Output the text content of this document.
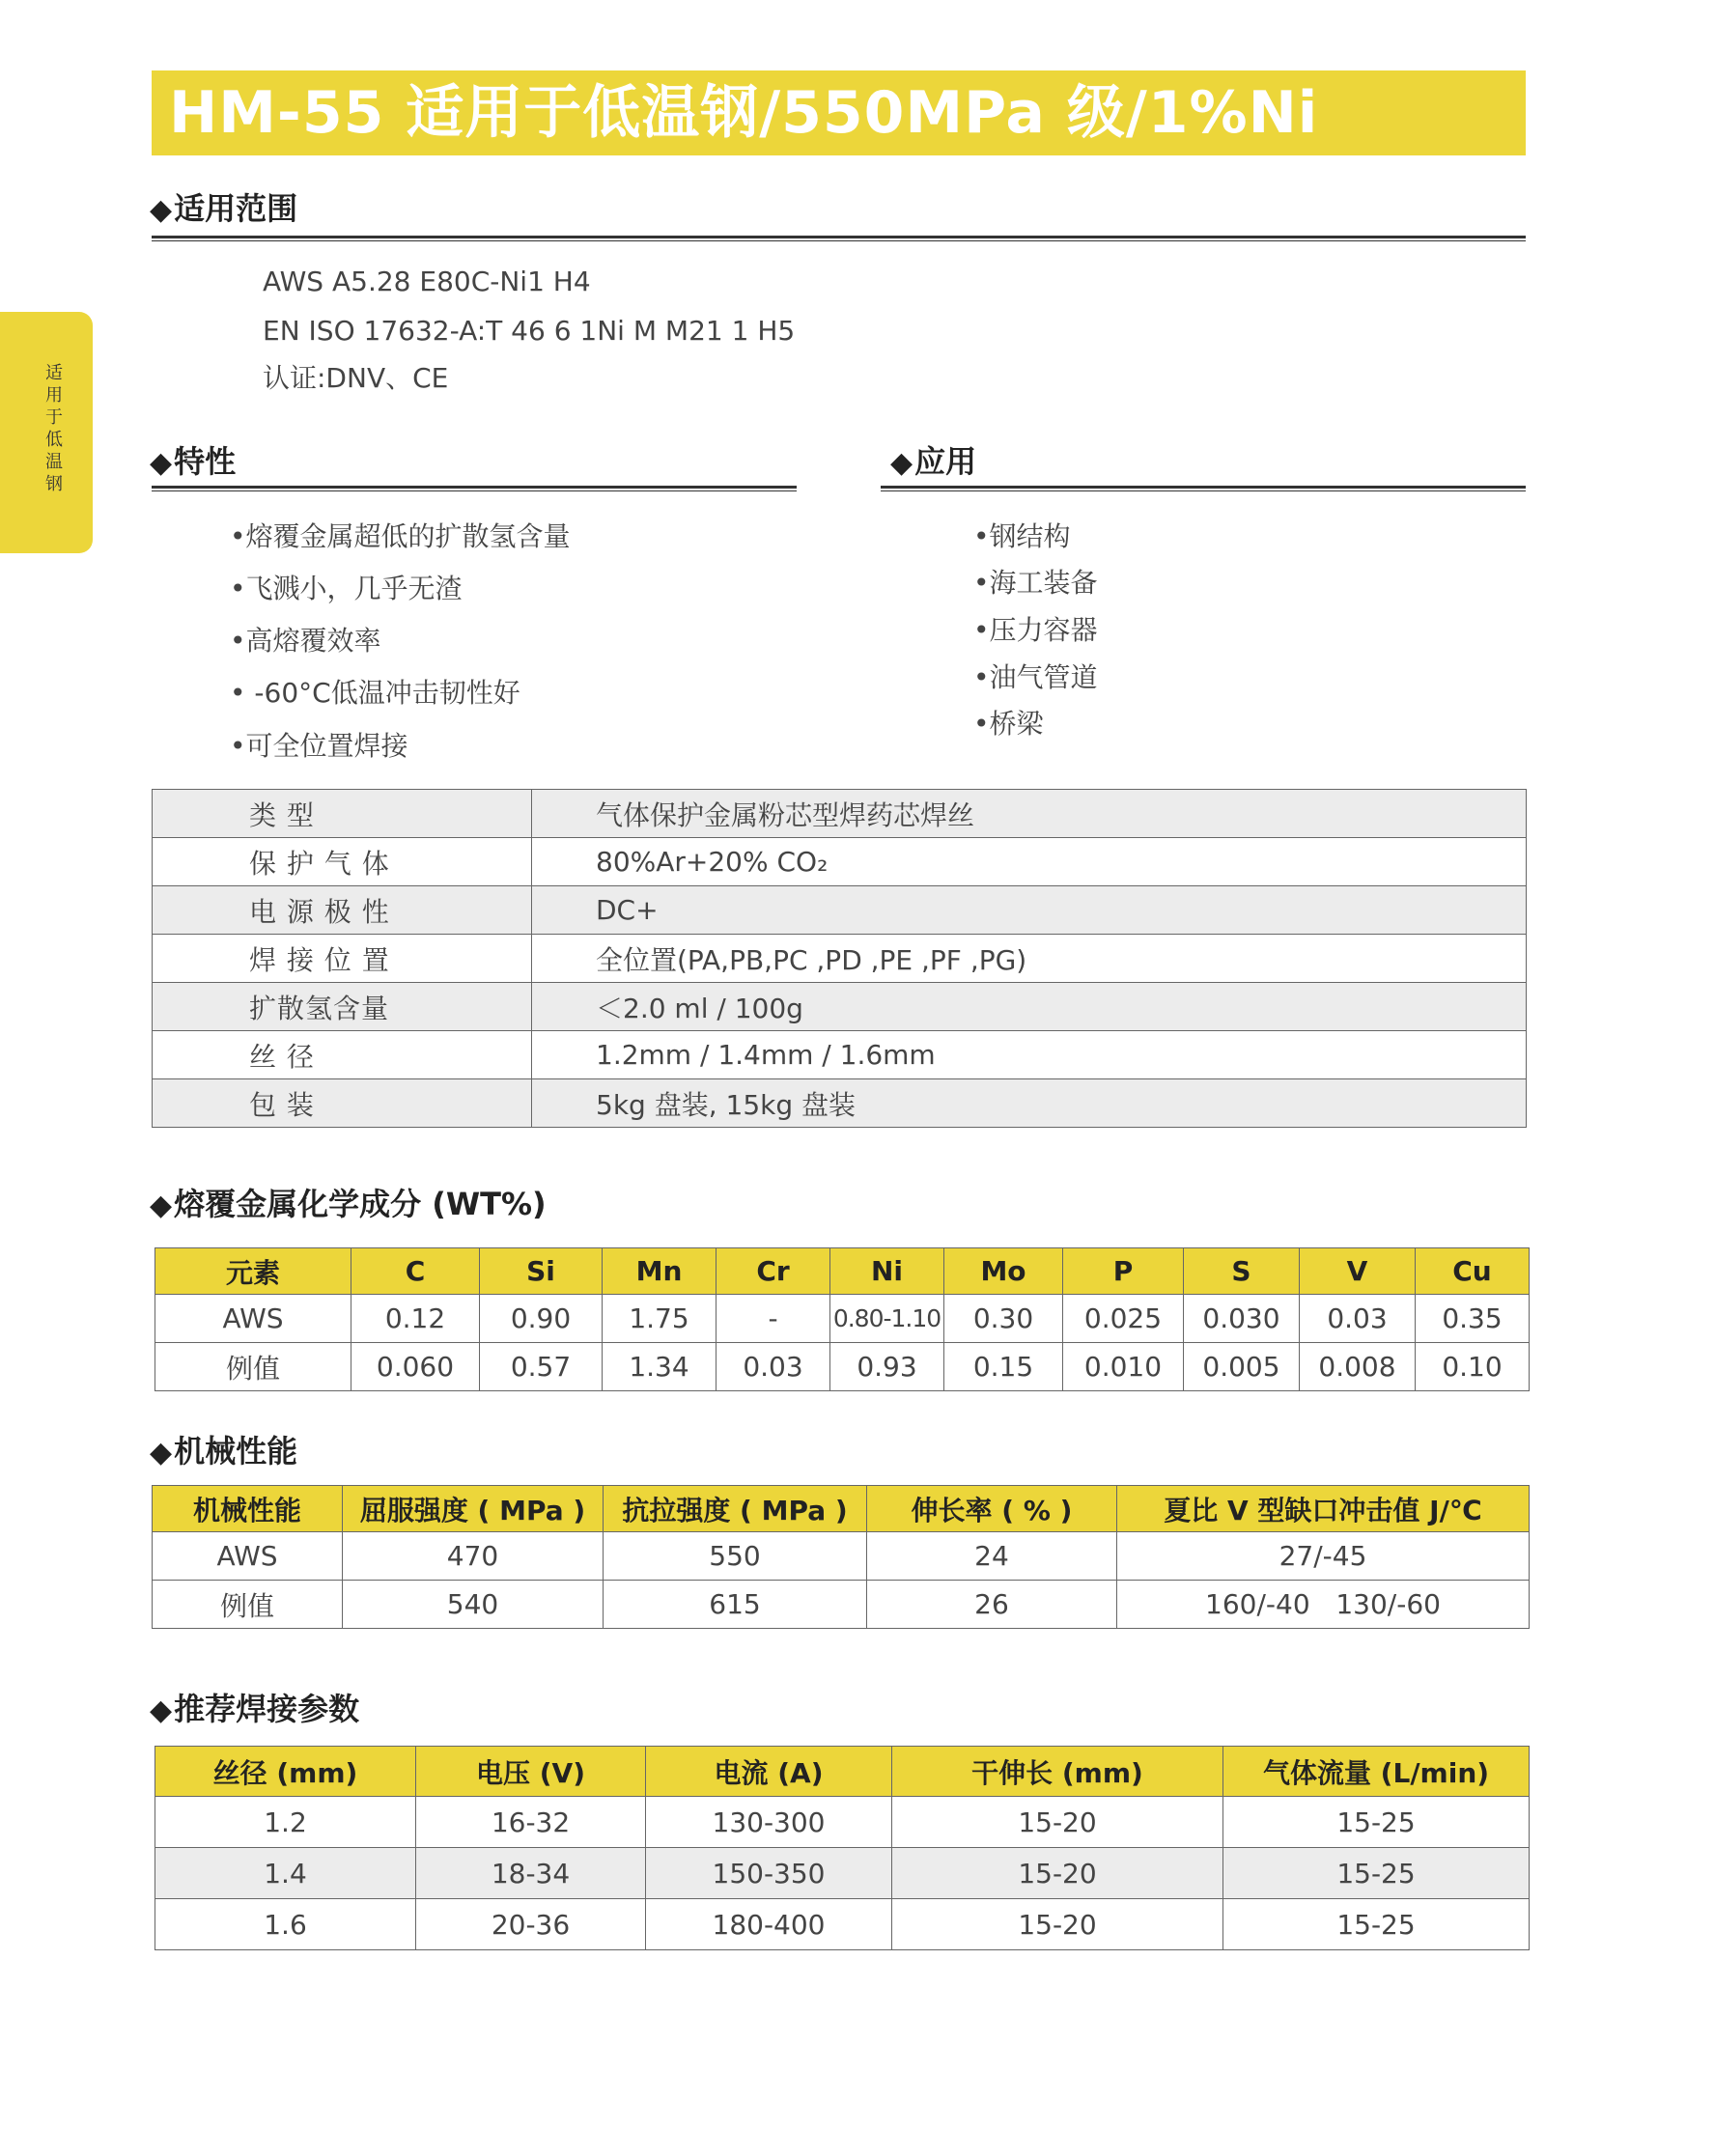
HM-55 适用于低温钢/550MPa 级/1%Ni
适用于低温钢
◆适用范围
AWS A5.28 E80C-Ni1 H4
EN ISO 17632-A:T 46 6 1Ni M M21 1 H5
认证:DNV、CE
◆特性
•熔覆金属超低的扩散氢含量
•飞溅小，几乎无渣
•高熔覆效率
• -60°C低温冲击韧性好
•可全位置焊接
◆应用
•钢结构
•海工装备
•压力容器
•油气管道
•桥梁
类 型	气体保护金属粉芯型焊药芯焊丝
保 护 气 体	80%Ar+20% CO₂
电 源 极 性	DC+
焊 接 位 置	全位置(PA,PB,PC ,PD ,PE ,PF ,PG)
扩散氢含量	＜2.0 ml / 100g
丝 径	1.2mm / 1.4mm / 1.6mm
包 装	5kg 盘装, 15kg 盘装
◆熔覆金属化学成分 (WT%)
元素	C	Si	Mn	Cr	Ni	Mo	P	S	V	Cu
AWS	0.12	0.90	1.75	-	0.80-1.10	0.30	0.025	0.030	0.03	0.35
例值	0.060	0.57	1.34	0.03	0.93	0.15	0.010	0.005	0.008	0.10
◆机械性能
机械性能	屈服强度 ( MPa )	抗拉强度 ( MPa )	伸长率 ( % )	夏比 V 型缺口冲击值 J/℃
AWS	470	550	24	27/-45
例值	540	615	26	160/-40   130/-60
◆推荐焊接参数
丝径 (mm)	电压 (V)	电流 (A)	干伸长 (mm)	气体流量 (L/min)
1.2	16-32	130-300	15-20	15-25
1.4	18-34	150-350	15-20	15-25
1.6	20-36	180-400	15-20	15-25
